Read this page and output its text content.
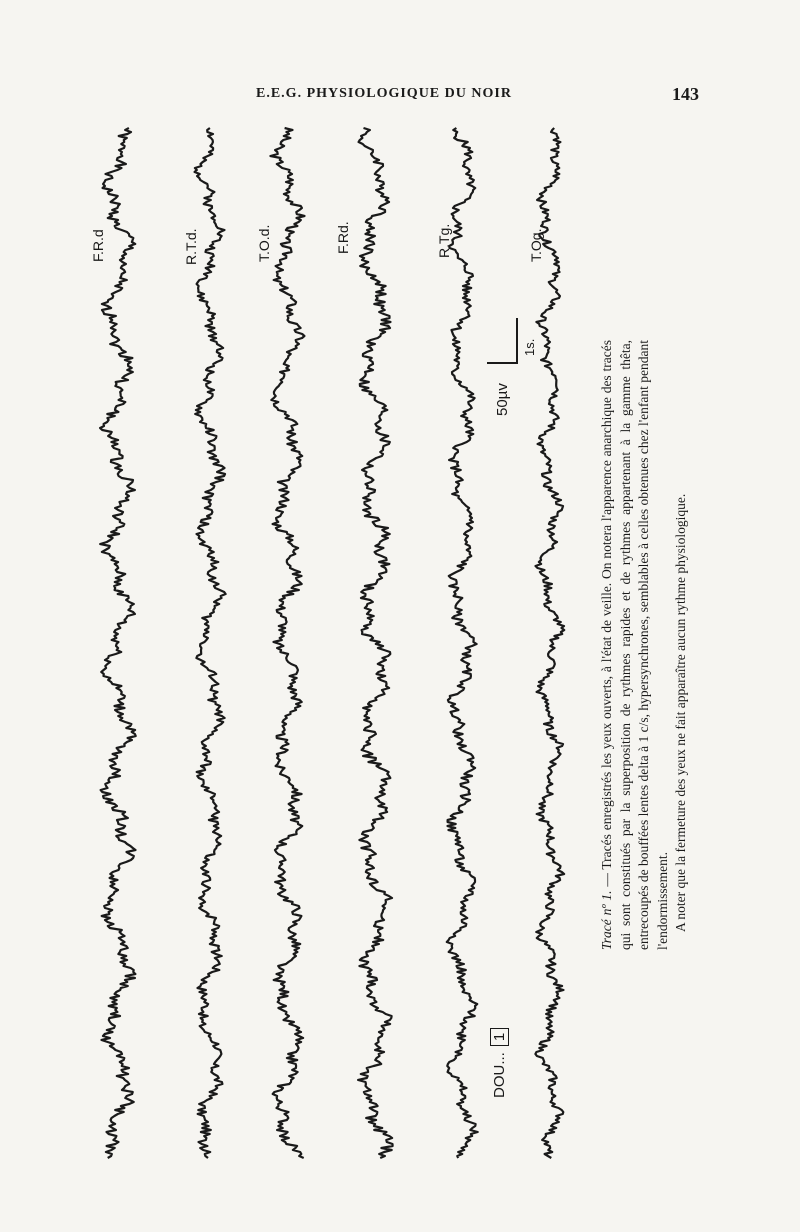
E.E.G. PHYSIOLOGIQUE DU NOIR	143
F.R.d	R.T.d.	T.O.d.	F.Rd.	R.Tg.	T.Og.
DOU...1
50µv
1s.

Tracé nº 1. — Tracés enregistrés les yeux ouverts, à l'état de veille. On notera l'apparence anarchique des tracés qui sont constitués par la superposition de rythmes rapides et de rythmes appartenant à la gamme thêta, entrecoupés de bouffées lentes delta à 1 c/s, hypersynchrones, semblables à celles obtenues chez l'enfant pendant l'endormissement. A noter que la fermeture des yeux ne fait apparaître aucun rythme physiologique.
